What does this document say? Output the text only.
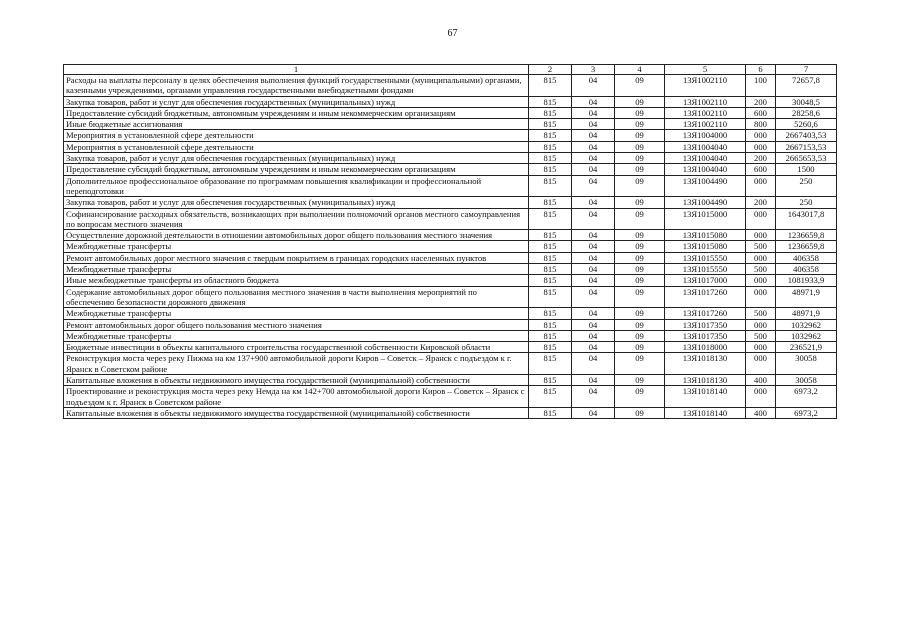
67
1	2	3	4	5	6	7
Расходы на выплаты персоналу в целях обеспечения выполнения функций государственными (муниципальными) органами, казенными учреждениями, органами управления государственными внебюджетными фондами	815	04	09	13Я1002110	100	72657,8
Закупка товаров, работ и услуг для обеспечения государственных (муниципальных) нужд	815	04	09	13Я1002110	200	30048,5
Предоставление субсидий бюджетным, автономным учреждениям и иным некоммерческим организациям	815	04	09	13Я1002110	600	28258,6
Иные бюджетные ассигнования	815	04	09	13Я1002110	800	5260,6
Мероприятия в установленной сфере деятельности	815	04	09	13Я1004000	000	2667403,53
Мероприятия в установленной сфере деятельности	815	04	09	13Я1004040	000	2667153,53
Закупка товаров, работ и услуг для обеспечения государственных (муниципальных) нужд	815	04	09	13Я1004040	200	2665653,53
Предоставление субсидий бюджетным, автономным учреждениям и иным некоммерческим организациям	815	04	09	13Я1004040	600	1500
Дополнительное профессиональное образование по программам повышения квалификации и профессиональной переподготовки	815	04	09	13Я1004490	000	250
Закупка товаров, работ и услуг для обеспечения государственных (муниципальных) нужд	815	04	09	13Я1004490	200	250
Софинансирование расходных обязательств, возникающих при выполнении полномочий органов местного самоуправления по вопросам местного значения	815	04	09	13Я1015000	000	1643017,8
Осуществление дорожной деятельности в отношении автомобильных дорог общего пользования местного значения	815	04	09	13Я1015080	000	1236659,8
Межбюджетные трансферты	815	04	09	13Я1015080	500	1236659,8
Ремонт автомобильных дорог местного значения с твердым покрытием в границах городских населенных пунктов	815	04	09	13Я1015550	000	406358
Межбюджетные трансферты	815	04	09	13Я1015550	500	406358
Иные межбюджетные трансферты из областного бюджета	815	04	09	13Я1017000	000	1081933,9
Содержание автомобильных дорог общего пользования местного значения в части выполнения мероприятий по обеспечению безопасности дорожного движения	815	04	09	13Я1017260	000	48971,9
Межбюджетные трансферты	815	04	09	13Я1017260	500	48971,9
Ремонт автомобильных дорог общего пользования местного значения	815	04	09	13Я1017350	000	1032962
Межбюджетные трансферты	815	04	09	13Я1017350	500	1032962
Бюджетные инвестиции в объекты капитального строительства государственной собственности Кировской области	815	04	09	13Я1018000	000	236521,9
Реконструкция моста через реку Пижма на км 137+900 автомобильной дороги Киров – Советск – Яранск с подъездом к г. Яранск в Советском районе	815	04	09	13Я1018130	000	30058
Капитальные вложения в объекты недвижимого имущества государственной (муниципальной) собственности	815	04	09	13Я1018130	400	30058
Проектирование и реконструкция моста через реку Немда на км 142+700 автомобильной дороги Киров – Советск – Яранск с подъездом к г. Яранск в Советском районе	815	04	09	13Я1018140	000	6973,2
Капитальные вложения в объекты недвижимого имущества государственной (муниципальной) собственности	815	04	09	13Я1018140	400	6973,2
